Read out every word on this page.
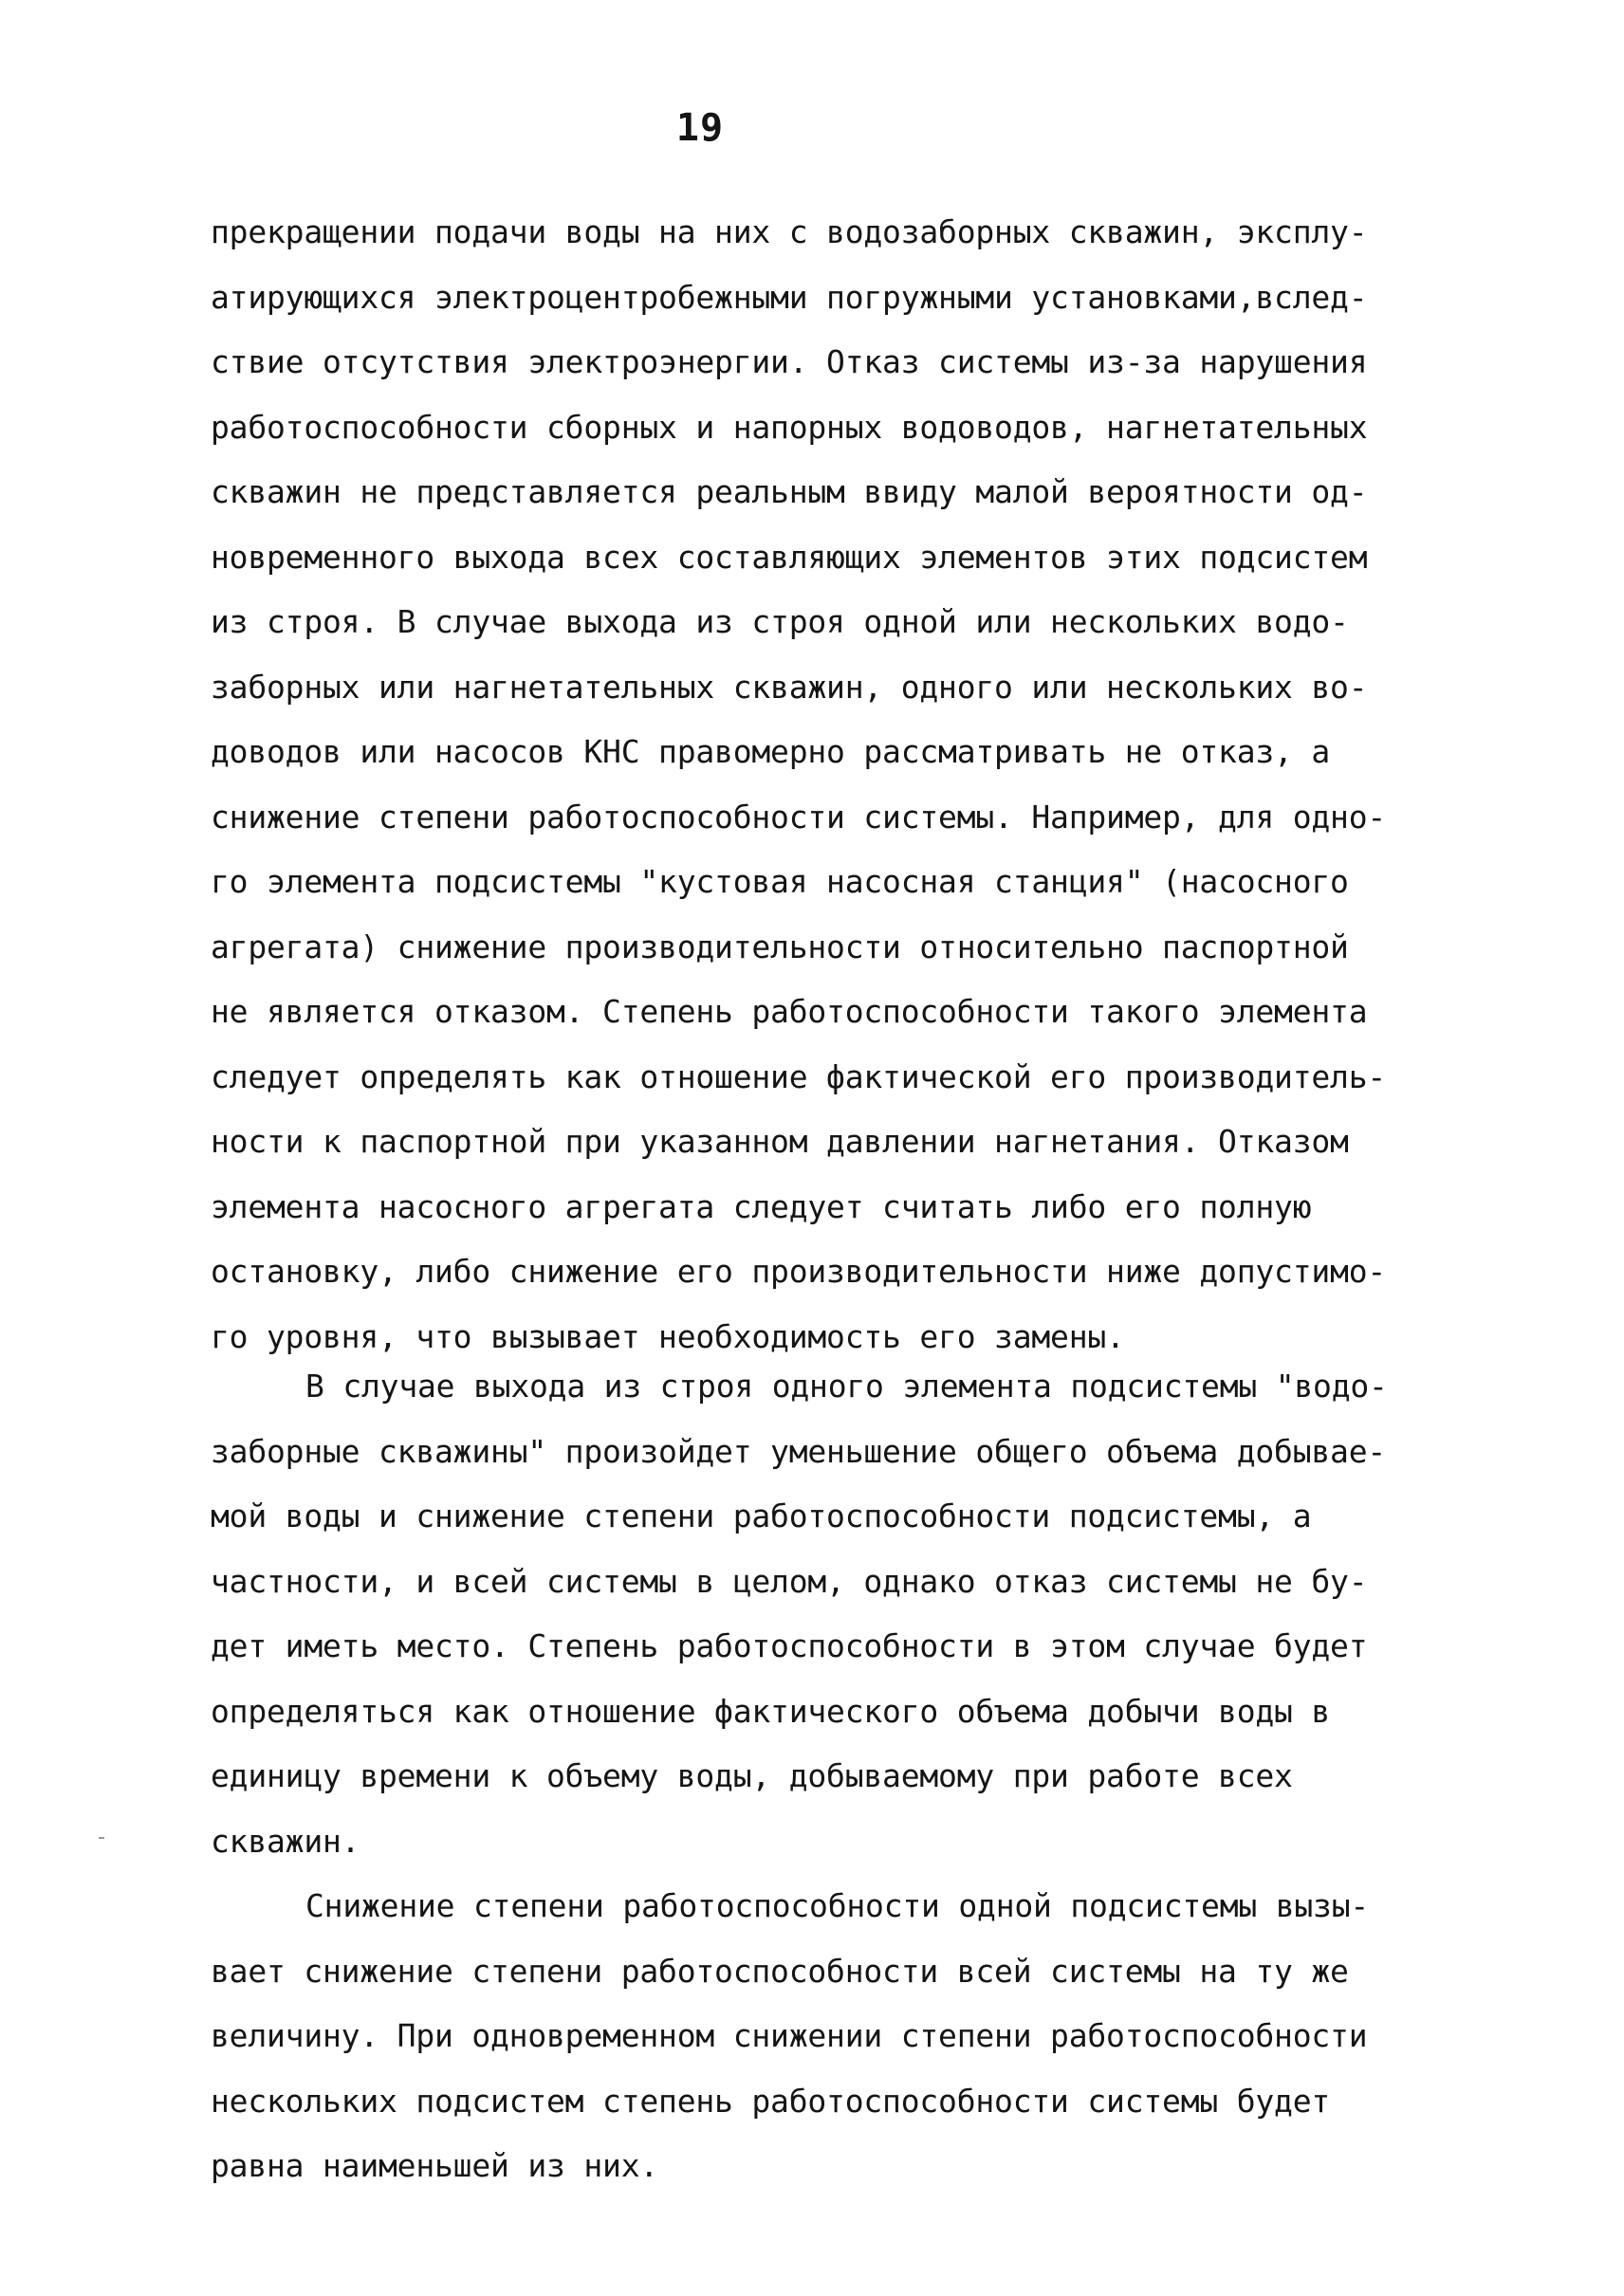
19
прекращении подачи воды на них с водозаборных скважин, эксплу-
атирующихся электроцентробежными погружными установками,вслед-
ствие отсутствия электроэнергии. Отказ системы из-за нарушения
работоспособности сборных и напорных водоводов, нагнетательных
скважин не представляется реальным ввиду малой вероятности од-
новременного выхода всех составляющих элементов этих подсистем
из строя. В случае выхода из строя одной или нескольких водо-
заборных или нагнетательных скважин, одного или нескольких во-
доводов или насосов КНС правомерно рассматривать не отказ, а
снижение степени работоспособности системы. Например, для одно-
го элемента подсистемы "кустовая насосная станция" (насосного
агрегата) снижение производительности относительно паспортной
не является отказом. Степень работоспособности такого элемента
следует определять как отношение фактической его производитель-
ности к паспортной при указанном давлении нагнетания. Отказом
элемента насосного агрегата следует считать либо его полную
остановку, либо снижение его производительности ниже допустимо-
го уровня, что вызывает необходимость его замены.
В случае выхода из строя одного элемента подсистемы "водо-
заборные скважины" произойдет уменьшение общего объема добывае-
мой воды и снижение степени работоспособности подсистемы, а
частности, и всей системы в целом, однако отказ системы не бу-
дет иметь место. Степень работоспособности в этом случае будет
определяться как отношение фактического объема добычи воды в
единицу времени к объему воды, добываемому при работе всех
скважин.
Снижение степени работоспособности одной подсистемы вызы-
вает снижение степени работоспособности всей системы на ту же
величину. При одновременном снижении степени работоспособности
нескольких подсистем степень работоспособности системы будет
равна наименьшей из них.
